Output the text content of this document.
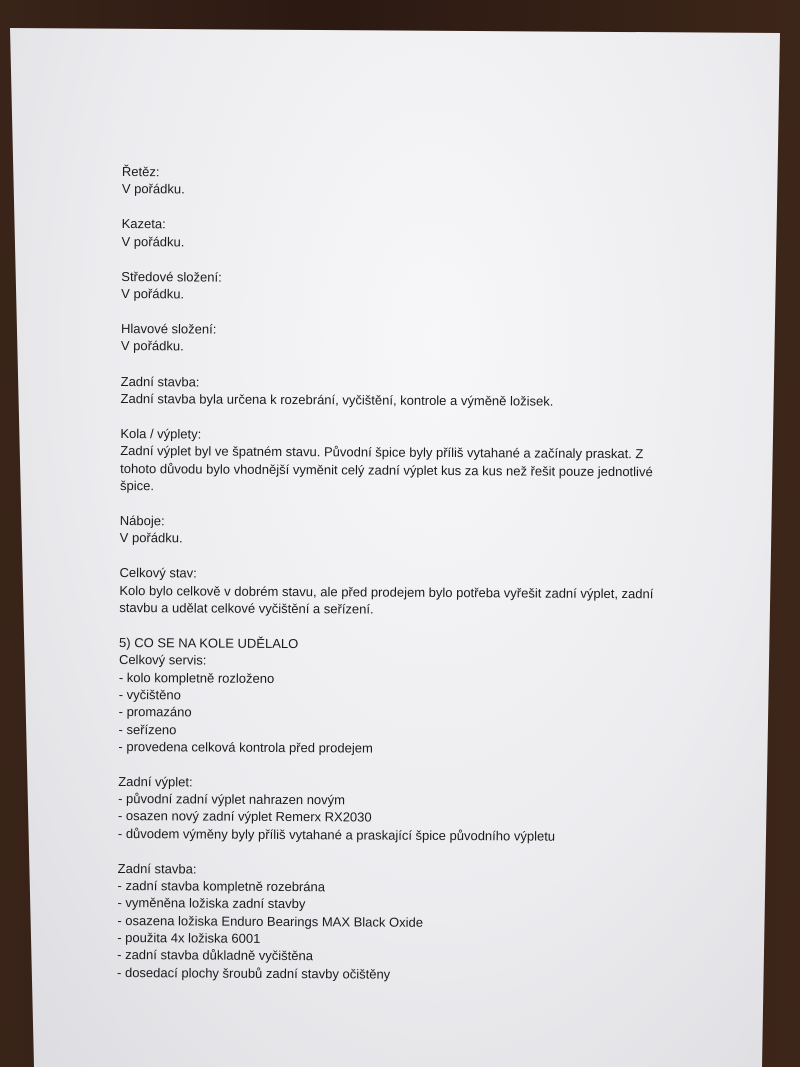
Řetěz:

V pořádku.

Kazeta:

V pořádku.

Středové složení:

V pořádku.

Hlavové složení:

V pořádku.

Zadní stavba:

Zadní stavba byla určena k rozebrání, vyčištění, kontrole a výměně ložisek.

Kola / výplety:

Zadní výplet byl ve špatném stavu. Původní špice byly příliš vytahané a začínaly praskat. Z tohoto důvodu bylo vhodnější vyměnit celý zadní výplet kus za kus než řešit pouze jednotlivé špice.

Náboje:

V pořádku.

Celkový stav:

Kolo bylo celkově v dobrém stavu, ale před prodejem bylo potřeba vyřešit zadní výplet, zadní stavbu a udělat celkové vyčištění a seřízení.

5) CO SE NA KOLE UDĚLALO

Celkový servis:

- kolo kompletně rozloženo
- vyčištěno
- promazáno
- seřízeno
- provedena celková kontrola před prodejem

Zadní výplet:

- původní zadní výplet nahrazen novým
- osazen nový zadní výplet Remerx RX2030
- důvodem výměny byly příliš vytahané a praskající špice původního výpletu

Zadní stavba:

- zadní stavba kompletně rozebrána
- vyměněna ložiska zadní stavby
- osazena ložiska Enduro Bearings MAX Black Oxide
- použita 4x ložiska 6001
- zadní stavba důkladně vyčištěna
- dosedací plochy šroubů zadní stavby očištěny
